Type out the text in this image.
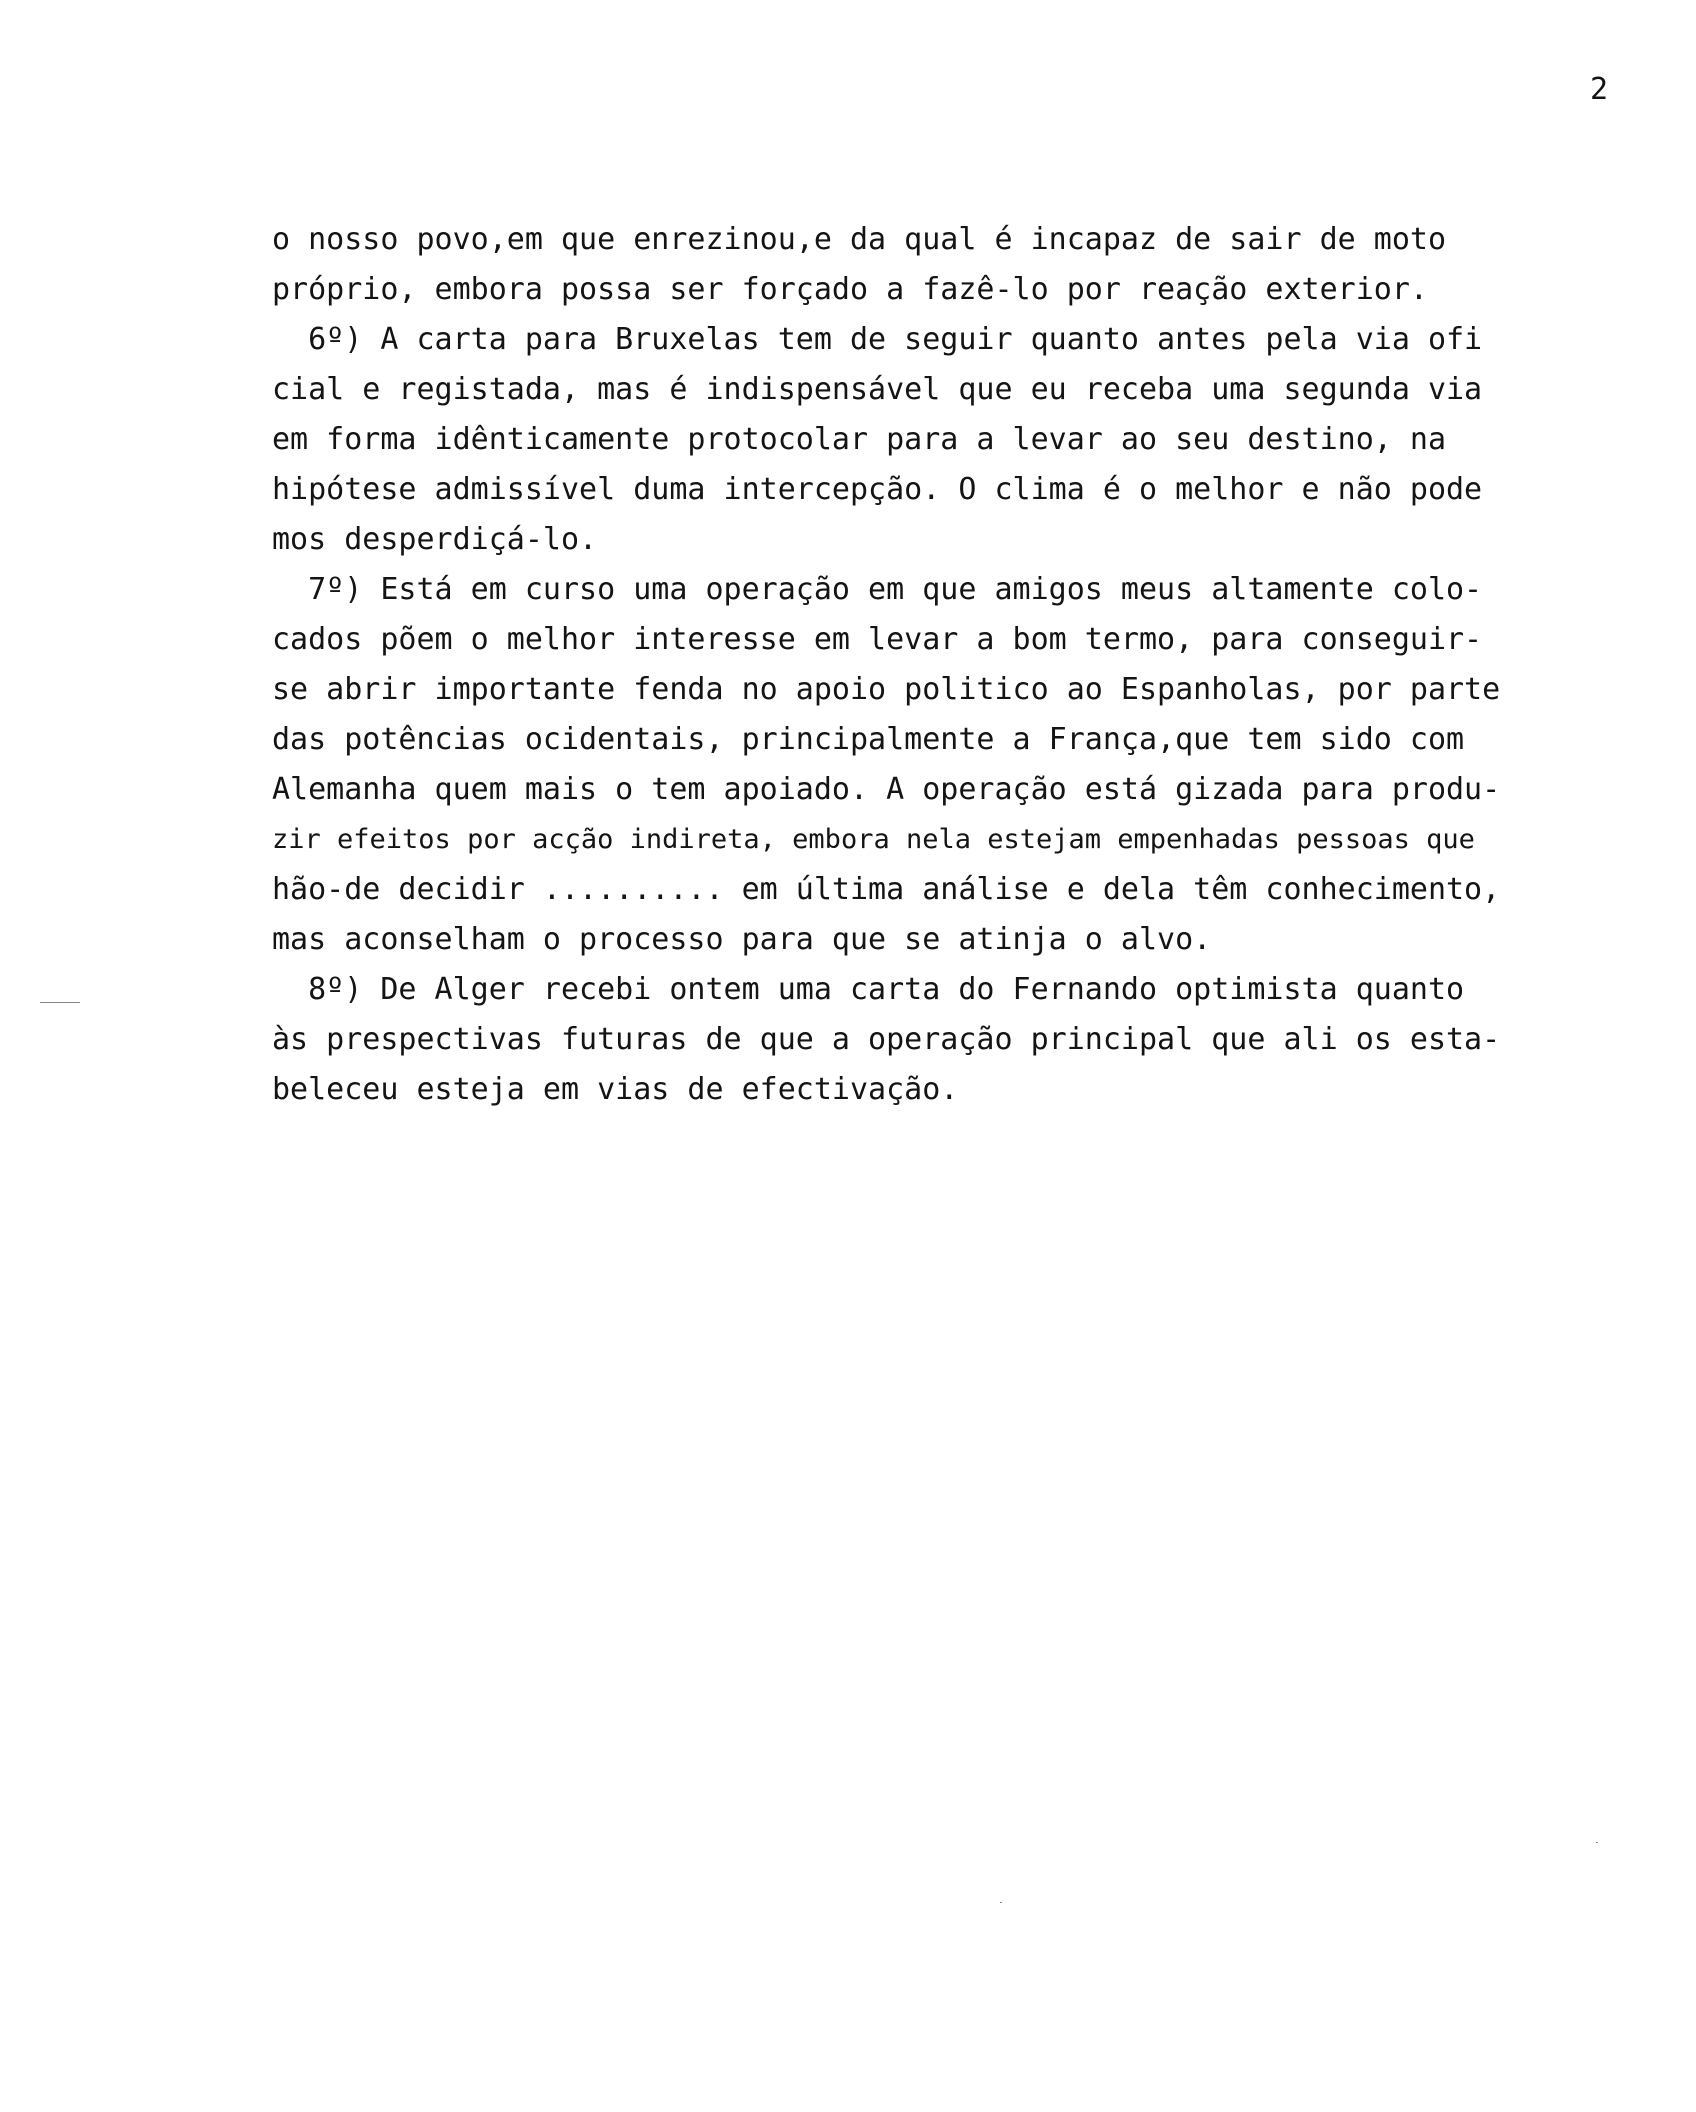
2
o nosso povo,em que enrezinou,e da qual é incapaz de sair de moto
próprio, embora possa ser forçado a fazê-lo por reação exterior.
6º) A carta para Bruxelas tem de seguir quanto antes pela via ofi
cial e registada, mas é indispensável que eu receba uma segunda via
em forma idênticamente protocolar para a levar ao seu destino, na
hipótese admissível duma intercepção. O clima é o melhor e não pode
mos desperdiçá-lo.
7º) Está em curso uma operação em que amigos meus altamente colo-
cados põem o melhor interesse em levar a bom termo, para conseguir-
se abrir importante fenda no apoio politico ao Espanholas, por parte
das potências ocidentais, principalmente a França,que tem sido com
Alemanha quem mais o tem apoiado. A operação está gizada para produ-
zir efeitos por acção indireta, embora nela estejam empenhadas pessoas que
hão-de decidir .......... em última análise e dela têm conhecimento,
mas aconselham o processo para que se atinja o alvo.
8º) De Alger recebi ontem uma carta do Fernando optimista quanto
às prespectivas futuras de que a operação principal que ali os esta-
beleceu esteja em vias de efectivação.
